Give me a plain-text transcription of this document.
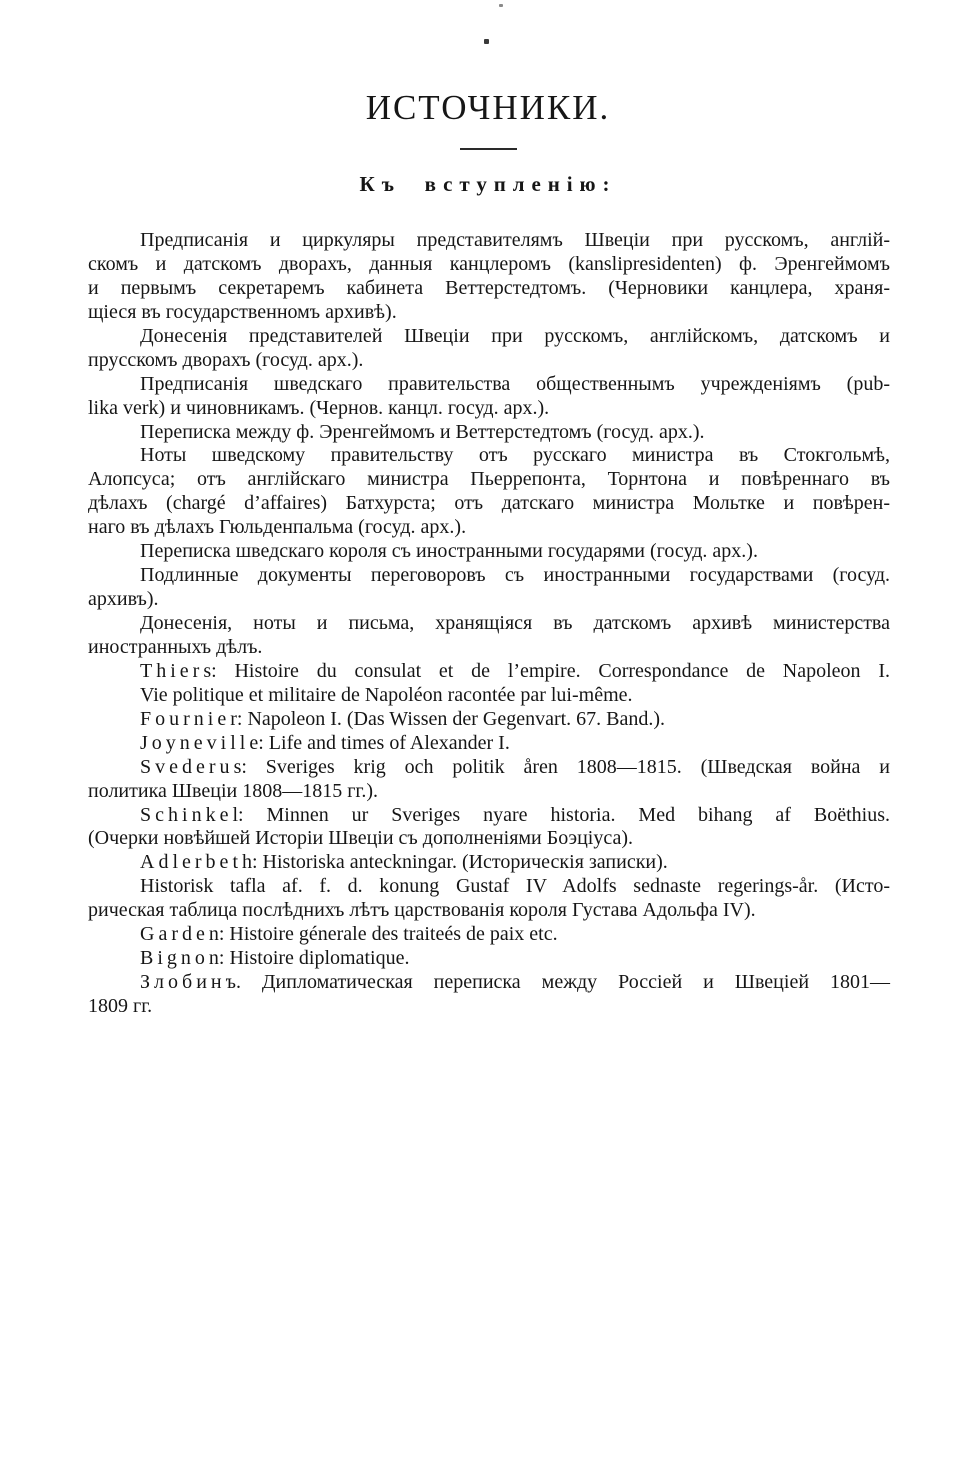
ИСТОЧНИКИ.
Къ вступленію:
Предписанія и циркуляры представителямъ Швеціи при русскомъ, англій-
скомъ и датскомъ дворахъ, данныя канцлеромъ (kanslipresidenten) ф. Эренгеймомъ
и первымъ секретаремъ кабинета Веттерстедтомъ. (Черновики канцлера, храня-
щіеся въ государственномъ архивѣ).
Донесенія представителей Швеціи при русскомъ, англійскомъ, датскомъ и
прусскомъ дворахъ (госуд. арх.).
Предписанія шведскаго правительства общественнымъ учрежденіямъ (pub-
lika verk) и чиновникамъ. (Чернов. канцл. госуд. арх.).
Переписка между ф. Эренгеймомъ и Веттерстедтомъ (госуд. арх.).
Ноты шведскому правительству отъ русскаго министра въ Стокгольмѣ,
Алопсуса; отъ англійскаго министра Пьеррепонта, Торнтона и повѣреннаго въ
дѣлахъ (chargé d’affaires) Батхурста; отъ датскаго министра Мольтке и повѣрен-
наго въ дѣлахъ Гюльденпальма (госуд. арх.).
Переписка шведскаго короля съ иностранными государями (госуд. арх.).
Подлинные документы переговоровъ съ иностранными государствами (госуд.
архивъ).
Донесенія, ноты и письма, хранящіяся въ датскомъ архивѣ министерства
иностранныхъ дѣлъ.
T h i e r s: Histoire du consulat et de l’empire. Correspondance de Napoleon I.
Vie politique et militaire de Napoléon racontée par lui-même.
F o u r n i e r: Napoleon I. (Das Wissen der Gegenvart. 67. Band.).
J o y n e v i l l e: Life and times of Alexander I.
S v e d e r u s: Sveriges krig och politik åren 1808—1815. (Шведская война и
политика Швеціи 1808—1815 гг.).
S c h i n k e l: Minnen ur Sveriges nyare historia. Med bihang af Boëthius.
(Очерки новѣйшей Исторіи Швеціи съ дополненіями Боэціуса).
A d l e r b e t h: Historiska anteckningar. (Историческія записки).
Historisk tafla af. f. d. konung Gustaf IV Adolfs sednaste regerings-år. (Исто-
рическая таблица послѣднихъ лѣтъ царствованія короля Густава Адольфа IV).
G a r d e n: Histoire génerale des traiteés de paix etc.
B i g n o n: Histoire diplomatique.
З л о б и н ъ. Дипломатическая переписка между Россіей и Швеціей 1801—
1809 гг.
